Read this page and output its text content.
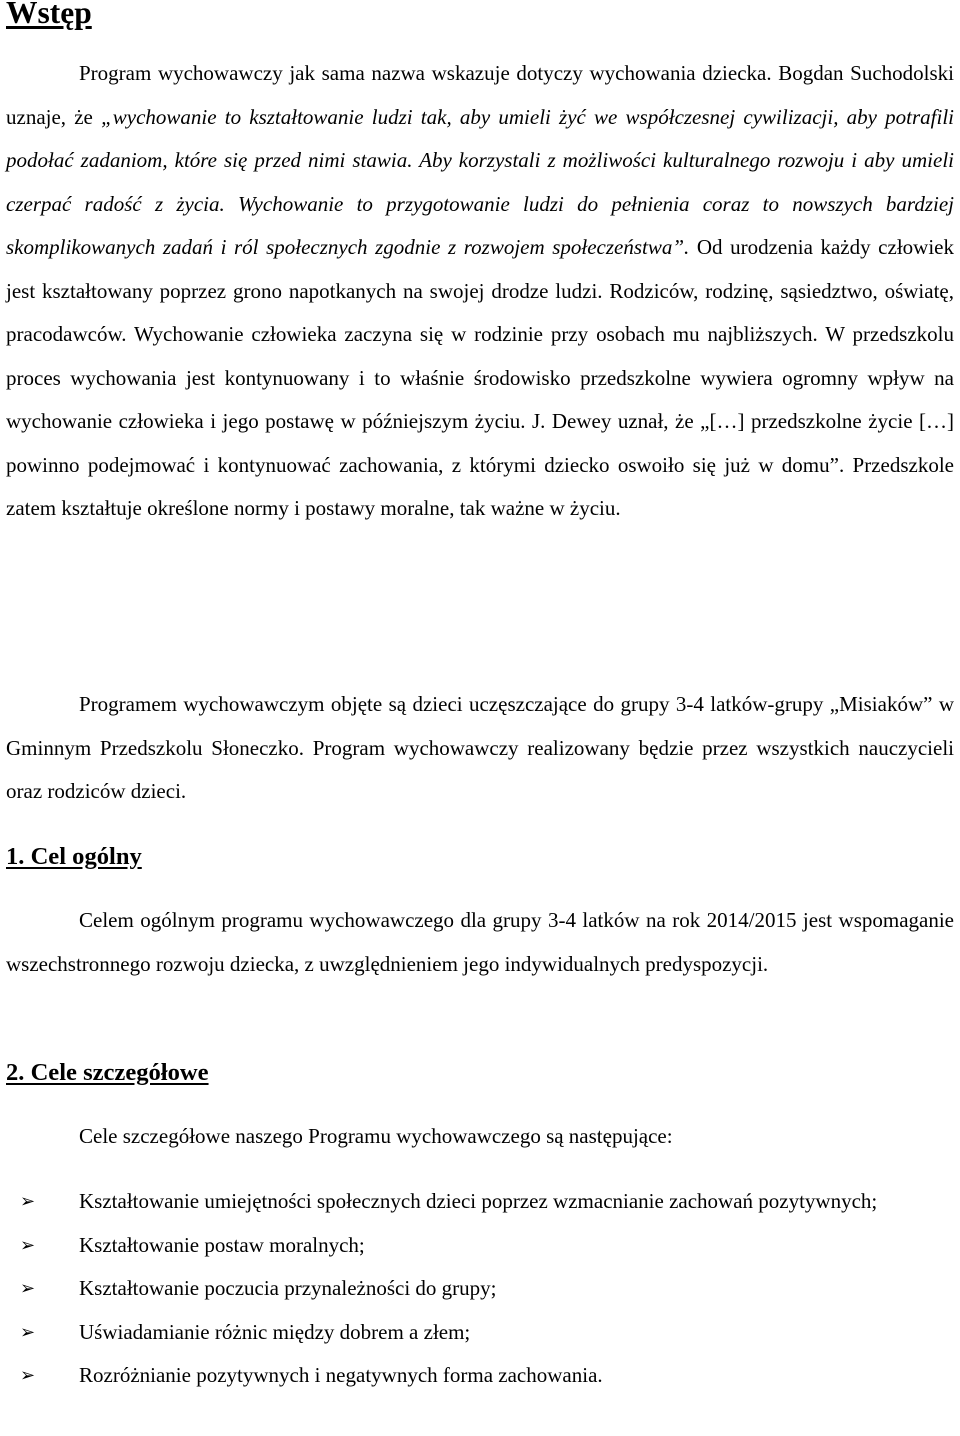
Wstęp

Program wychowawczy jak sama nazwa wskazuje dotyczy wychowania dziecka. Bogdan Suchodolski uznaje, że „wychowanie to kształtowanie ludzi tak, aby umieli żyć we współczesnej cywilizacji, aby potrafili podołać zadaniom, które się przed nimi stawia. Aby korzystali z możliwości kulturalnego rozwoju i aby umieli czerpać radość z życia. Wychowanie to przygotowanie ludzi do pełnienia coraz to nowszych bardziej skomplikowanych zadań i ról społecznych zgodnie z rozwojem społeczeństwa”. Od urodzenia każdy człowiek jest kształtowany poprzez grono napotkanych na swojej drodze ludzi. Rodziców, rodzinę, sąsiedztwo, oświatę, pracodawców. Wychowanie człowieka zaczyna się w rodzinie przy osobach mu najbliższych. W przedszkolu proces wychowania jest kontynuowany i to właśnie środowisko przedszkolne wywiera ogromny wpływ na wychowanie człowieka i jego postawę w późniejszym życiu. J. Dewey uznał, że „[…] przedszkolne życie […] powinno podejmować i kontynuować zachowania, z którymi dziecko oswoiło się już w domu”. Przedszkole zatem kształtuje określone normy i postawy moralne, tak ważne w życiu.

Programem wychowawczym objęte są dzieci uczęszczające do grupy 3-4 latków-grupy „Misiaków” w Gminnym Przedszkolu Słoneczko. Program wychowawczy realizowany będzie przez wszystkich nauczycieli oraz rodziców dzieci.

1. Cel ogólny

Celem ogólnym programu wychowawczego dla grupy 3-4 latków na rok 2014/2015 jest wspomaganie wszechstronnego rozwoju dziecka, z uwzględnieniem jego indywidualnych predyspozycji.

2. Cele szczegółowe

Cele szczegółowe naszego Programu wychowawczego są następujące:

➢ Kształtowanie umiejętności społecznych dzieci poprzez wzmacnianie zachowań pozytywnych;
➢ Kształtowanie postaw moralnych;
➢ Kształtowanie poczucia przynależności do grupy;
➢ Uświadamianie różnic między dobrem a złem;
➢ Rozróżnianie pozytywnych i negatywnych forma zachowania.
